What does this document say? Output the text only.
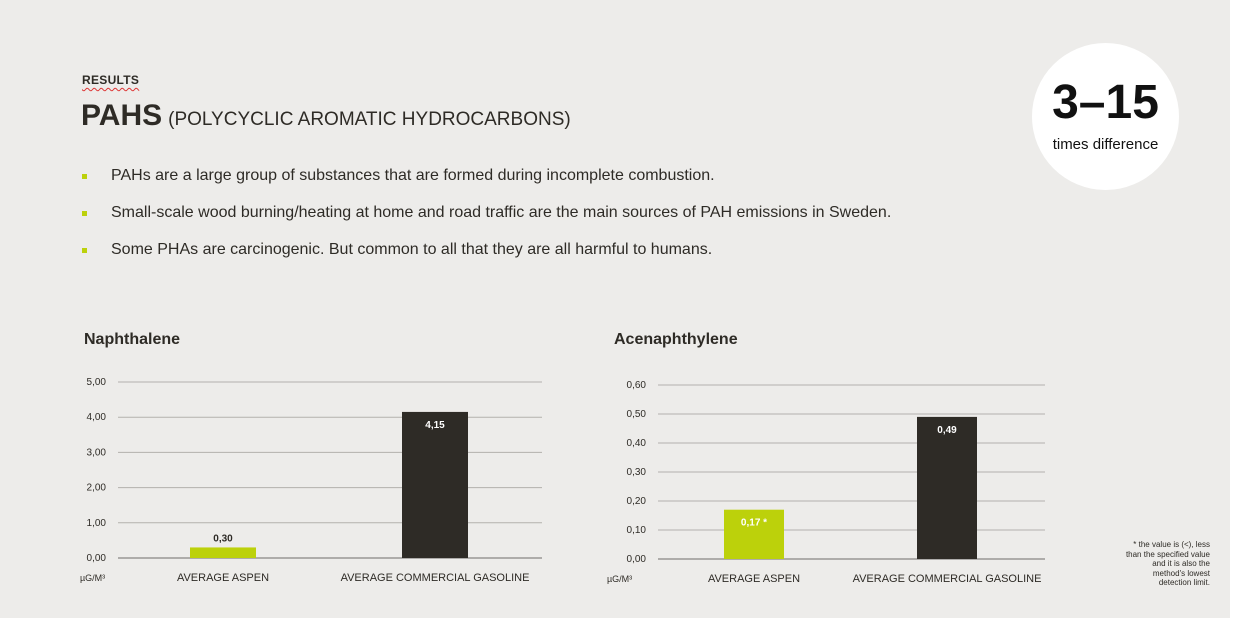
RESULTS
PAHS (POLYCYCLIC AROMATIC HYDROCARBONS)
PAHs are a large group of substances that are formed during incomplete combustion.
Small-scale wood burning/heating at home and road traffic are the main sources of PAH emissions in Sweden.
Some PHAs are carcinogenic. But common to all that they are all harmful to humans.
3–15
times difference
Naphthalene
0,00
1,00
2,00
3,00
4,00
5,00
0,30
AVERAGE ASPEN
4,15
AVERAGE COMMERCIAL GASOLINE
µG/M³
Acenaphthylene
0,00
0,10
0,20
0,30
0,40
0,50
0,60
0,17 *
AVERAGE ASPEN
0,49
AVERAGE COMMERCIAL GASOLINE
µG/M³
* the value is (<), less than the specified value and it is also the method's lowest detection limit.
